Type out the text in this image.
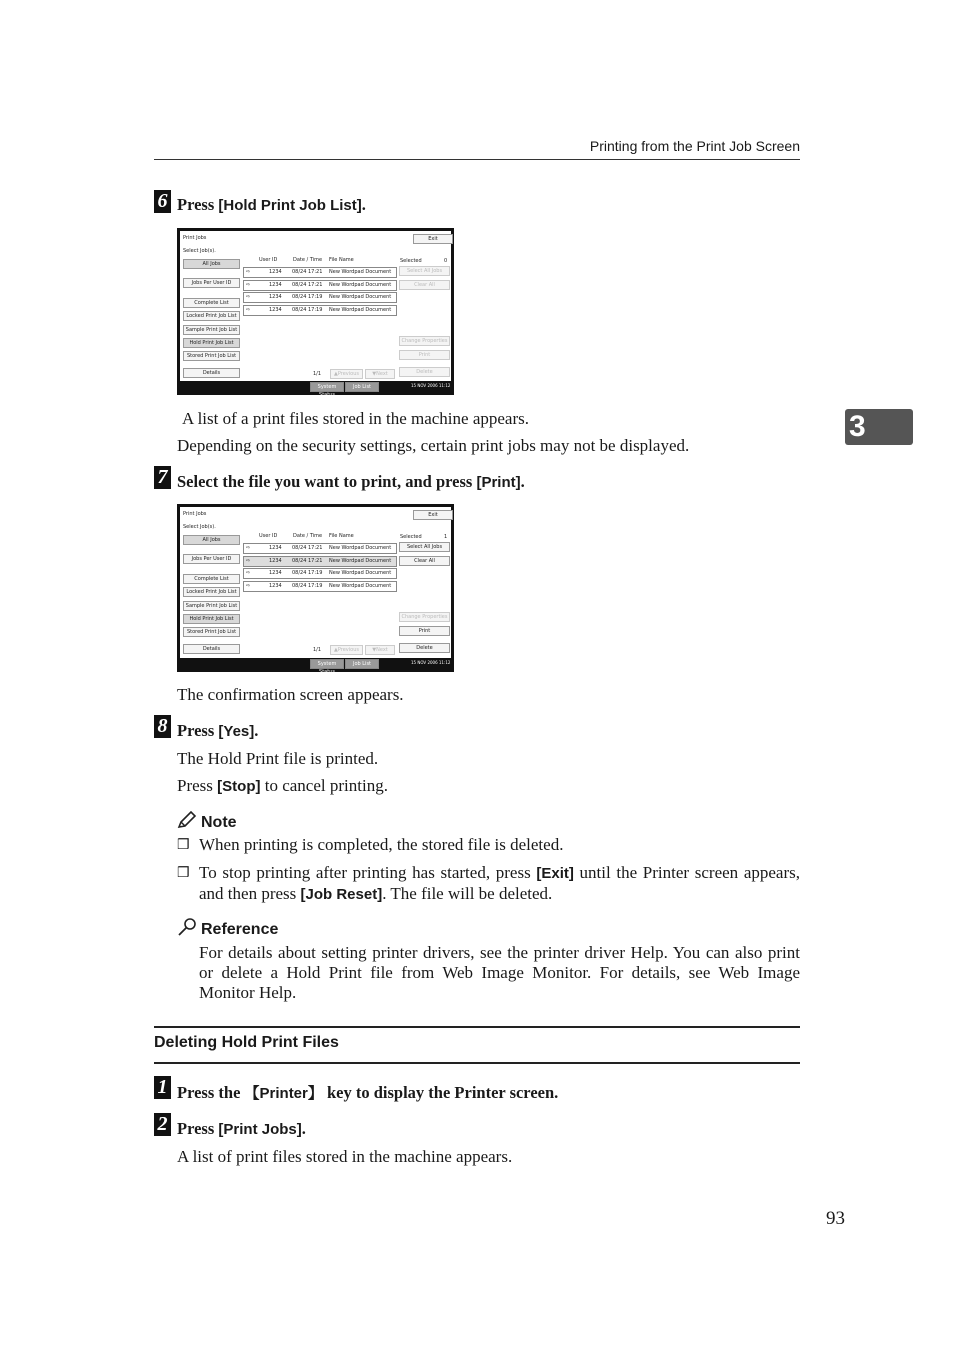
Printing from the Print Job Screen
3
6 Press [Hold Print Job List].
Print Jobs
Select Job(s).
Exit
All Jobs
Jobs Per User ID
Complete List
Locked Print Job List
Sample Print Job List
Hold Print Job List
Stored Print Job List
Details
User ID	Date / Time File Name	Selected	0
⇨	1234 08/24 17:21 New Wordpad Document
⇨	1234 08/24 17:21 New Wordpad Document
⇨	1234 08/24 17:19 New Wordpad Document
⇨	1234 08/24 17:19 New Wordpad Document
Select All Jobs
Clear All
Change Properties
Print
Delete
1/1	▲Previous	▼Next
System Status
Job List	15 NOV 2006 11:12
A list of a print files stored in the machine appears.
Depending on the security settings, certain print jobs may not be displayed.
7 Select the file you want to print, and press [Print].
Print Jobs
Select Job(s).
Exit
All Jobs
Jobs Per User ID
Complete List
Locked Print Job List
Sample Print Job List
Hold Print Job List
Stored Print Job List
Details
User ID	Date / Time File Name	Selected	1
⇨	1234 08/24 17:21 New Wordpad Document
⇨	1234 08/24 17:21 New Wordpad Document
⇨	1234 08/24 17:19 New Wordpad Document
⇨	1234 08/24 17:19 New Wordpad Document
Select All Jobs
Clear All
Change Properties
Print
Delete
1/1	▲Previous	▼Next
System Status
Job List	15 NOV 2006 11:12
The confirmation screen appears.
8 Press [Yes].
The Hold Print file is printed.
Press [Stop] to cancel printing.
Note
❒ When printing is completed, the stored file is deleted.
❒ To stop printing after printing has started, press [Exit] until the Printer screen appears, and then press [Job Reset]. The file will be deleted.
Reference
For details about setting printer drivers, see the printer driver Help. You can also print or delete a Hold Print file from Web Image Monitor. For details, see Web Image Monitor Help.
Deleting Hold Print Files
1 Press the 【Printer】 key to display the Printer screen.
2 Press [Print Jobs].
A list of print files stored in the machine appears.
93
